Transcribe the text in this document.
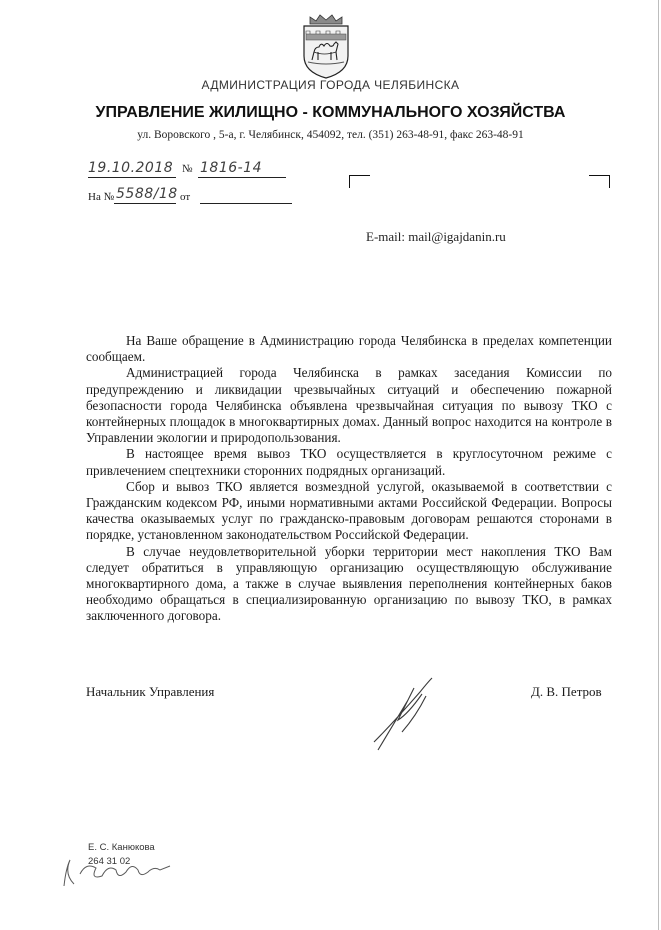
АДМИНИСТРАЦИЯ ГОРОДА ЧЕЛЯБИНСКА
УПРАВЛЕНИЕ ЖИЛИЩНО - КОММУНАЛЬНОГО ХОЗЯЙСТВА
ул. Воровского , 5-а, г. Челябинск, 454092, тел. (351) 263-48-91, факс 263-48-91
19.10.2018 № 1816-14
На № 5588/18 от
E-mail: mail@igajdanin.ru

На Ваше обращение в Администрацию города Челябинска в пределах компетенции сообщаем.

Администрацией города Челябинска в рамках заседания Комиссии по предупреждению и ликвидации чрезвычайных ситуаций и обеспечению пожарной безопасности города Челябинска объявлена чрезвычайная ситуация по вывозу ТКО с контейнерных площадок в многоквартирных домах. Данный вопрос находится на контроле в Управлении экологии и природопользования.

В настоящее время вывоз ТКО осуществляется в круглосуточном режиме с привлечением спецтехники сторонних подрядных организаций.

Сбор и вывоз ТКО является возмездной услугой, оказываемой в соответствии с Гражданским кодексом РФ, иными нормативными актами Российской Федерации. Вопросы качества оказываемых услуг по гражданско-правовым договорам решаются сторонами в порядке, установленном законодательством Российской Федерации.

В случае неудовлетворительной уборки территории мест накопления ТКО Вам следует обратиться в управляющую организацию осуществляющую обслуживание многоквартирного дома, а также в случае выявления переполнения контейнерных баков необходимо обращаться в специализированную организацию по вывозу ТКО, в рамках заключенного договора.

Начальник Управления	Д. В. Петров
Е. С. Канюкова
264 31 02
